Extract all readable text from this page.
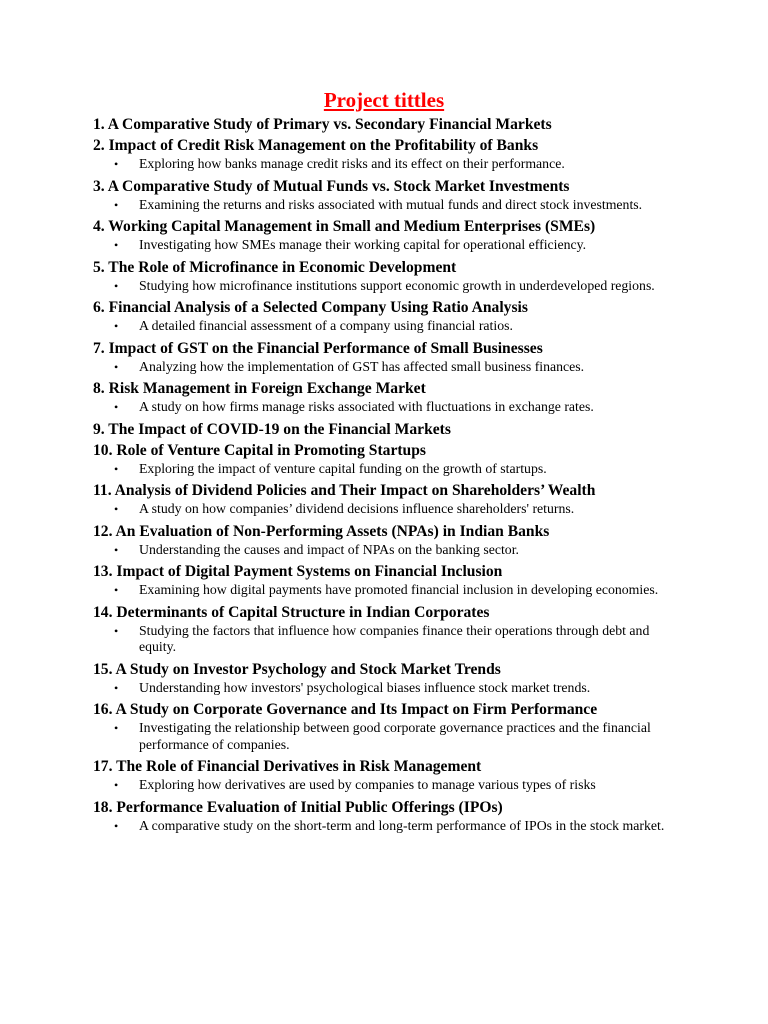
Project tittles
1. A Comparative Study of Primary vs. Secondary Financial Markets
2. Impact of Credit Risk Management on the Profitability of Banks
• Exploring how banks manage credit risks and its effect on their performance.
3. A Comparative Study of Mutual Funds vs. Stock Market Investments
• Examining the returns and risks associated with mutual funds and direct stock investments.
4. Working Capital Management in Small and Medium Enterprises (SMEs)
• Investigating how SMEs manage their working capital for operational efficiency.
5. The Role of Microfinance in Economic Development
• Studying how microfinance institutions support economic growth in underdeveloped regions.
6. Financial Analysis of a Selected Company Using Ratio Analysis
• A detailed financial assessment of a company using financial ratios.
7. Impact of GST on the Financial Performance of Small Businesses
• Analyzing how the implementation of GST has affected small business finances.
8. Risk Management in Foreign Exchange Market
• A study on how firms manage risks associated with fluctuations in exchange rates.
9. The Impact of COVID-19 on the Financial Markets
10. Role of Venture Capital in Promoting Startups
• Exploring the impact of venture capital funding on the growth of startups.
11. Analysis of Dividend Policies and Their Impact on Shareholders’ Wealth
• A study on how companies’ dividend decisions influence shareholders' returns.
12. An Evaluation of Non-Performing Assets (NPAs) in Indian Banks
• Understanding the causes and impact of NPAs on the banking sector.
13. Impact of Digital Payment Systems on Financial Inclusion
• Examining how digital payments have promoted financial inclusion in developing economies.
14. Determinants of Capital Structure in Indian Corporates
• Studying the factors that influence how companies finance their operations through debt and equity.
15. A Study on Investor Psychology and Stock Market Trends
• Understanding how investors' psychological biases influence stock market trends.
16. A Study on Corporate Governance and Its Impact on Firm Performance
• Investigating the relationship between good corporate governance practices and the financial performance of companies.
17. The Role of Financial Derivatives in Risk Management
• Exploring how derivatives are used by companies to manage various types of risks
18. Performance Evaluation of Initial Public Offerings (IPOs)
• A comparative study on the short-term and long-term performance of IPOs in the stock market.
